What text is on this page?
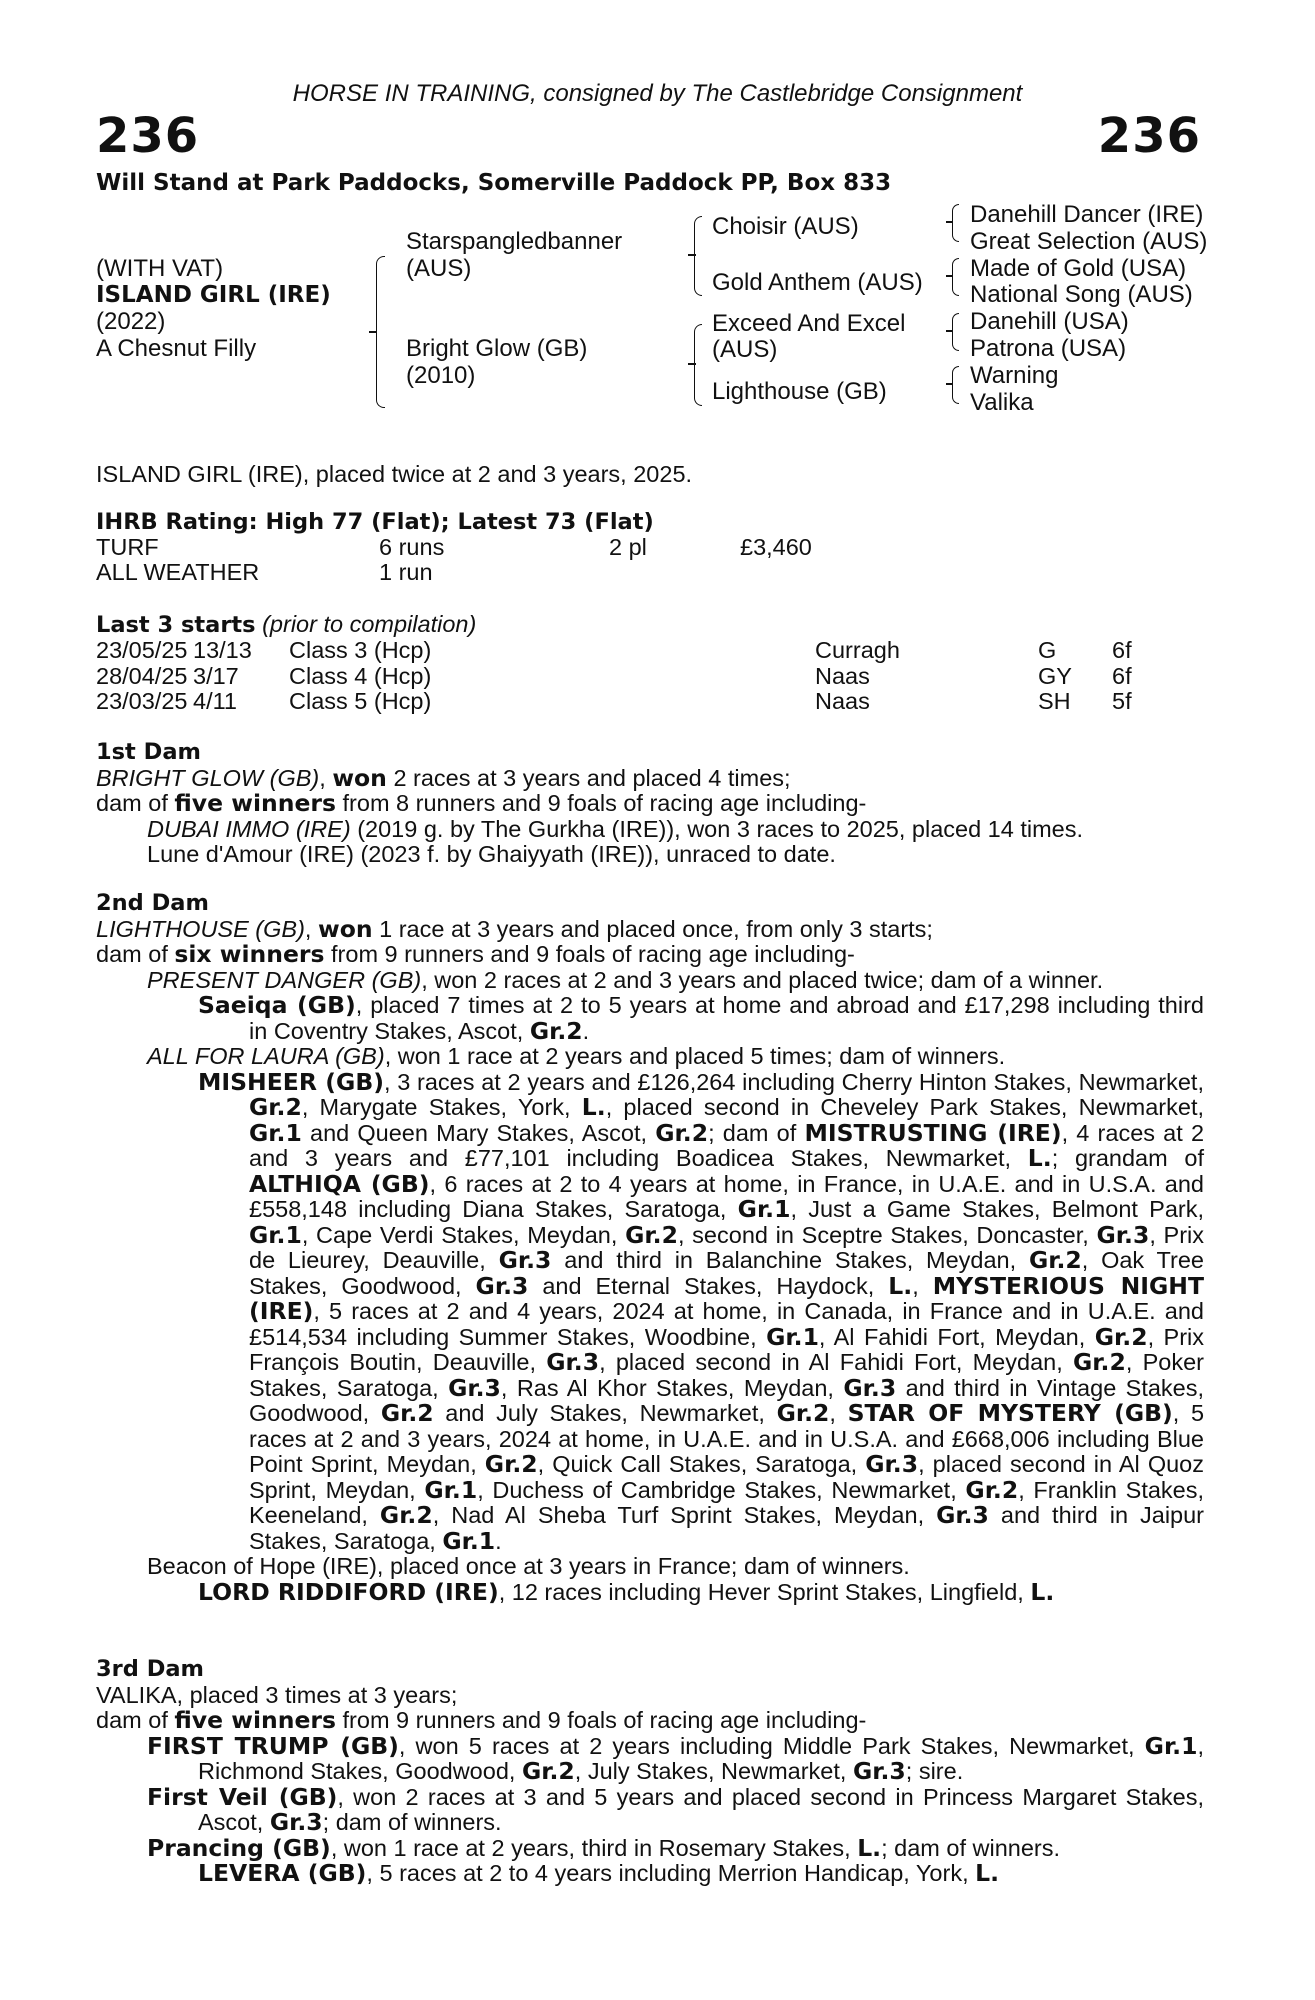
HORSE IN TRAINING, consigned by The Castlebridge Consignment
236	236
Will Stand at Park Paddocks, Somerville Paddock PP, Box 833
(WITH VAT)
ISLAND GIRL (IRE)
(2022)
A Chesnut Filly
Starspangledbanner
(AUS)
Bright Glow (GB)
(2010)
Choisir (AUS)
Gold Anthem (AUS)
Exceed And Excel
(AUS)
Lighthouse (GB)
Danehill Dancer (IRE)
Great Selection (AUS)
Made of Gold (USA)
National Song (AUS)
Danehill (USA)
Patrona (USA)
Warning
Valika
ISLAND GIRL (IRE), placed twice at 2 and 3 years, 2025.
IHRB Rating: High 77 (Flat); Latest 73 (Flat)
TURF	6 runs	2 pl	£3,460
ALL WEATHER	1 run
Last 3 starts (prior to compilation)
23/05/25 13/13 Class 3 (Hcp)	Curragh	G 6f
28/04/25 3/17 Class 4 (Hcp)	Naas	GY 6f
23/03/25 4/11 Class 5 (Hcp)	Naas	SH 5f
1st Dam
BRIGHT GLOW (GB), won 2 races at 3 years and placed 4 times;
dam of five winners from 8 runners and 9 foals of racing age including-
DUBAI IMMO (IRE) (2019 g. by The Gurkha (IRE)), won 3 races to 2025, placed 14 times.
Lune d'Amour (IRE) (2023 f. by Ghaiyyath (IRE)), unraced to date.
2nd Dam
LIGHTHOUSE (GB), won 1 race at 3 years and placed once, from only 3 starts;
dam of six winners from 9 runners and 9 foals of racing age including-
PRESENT DANGER (GB), won 2 races at 2 and 3 years and placed twice; dam of a winner.
Saeiqa (GB), placed 7 times at 2 to 5 years at home and abroad and £17,298 including third in Coventry Stakes, Ascot, Gr.2.
ALL FOR LAURA (GB), won 1 race at 2 years and placed 5 times; dam of winners.
MISHEER (GB), 3 races at 2 years and £126,264 including Cherry Hinton Stakes, Newmarket, Gr.2, Marygate Stakes, York, L., placed second in Cheveley Park Stakes, Newmarket, Gr.1 and Queen Mary Stakes, Ascot, Gr.2; dam of MISTRUSTING (IRE), 4 races at 2 and 3 years and £77,101 including Boadicea Stakes, Newmarket, L.; grandam of ALTHIQA (GB), 6 races at 2 to 4 years at home, in France, in U.A.E. and in U.S.A. and £558,148 including Diana Stakes, Saratoga, Gr.1, Just a Game Stakes, Belmont Park, Gr.1, Cape Verdi Stakes, Meydan, Gr.2, second in Sceptre Stakes, Doncaster, Gr.3, Prix de Lieurey, Deauville, Gr.3 and third in Balanchine Stakes, Meydan, Gr.2, Oak Tree Stakes, Goodwood, Gr.3 and Eternal Stakes, Haydock, L., MYSTERIOUS NIGHT (IRE), 5 races at 2 and 4 years, 2024 at home, in Canada, in France and in U.A.E. and £514,534 including Summer Stakes, Woodbine, Gr.1, Al Fahidi Fort, Meydan, Gr.2, Prix François Boutin, Deauville, Gr.3, placed second in Al Fahidi Fort, Meydan, Gr.2, Poker Stakes, Saratoga, Gr.3, Ras Al Khor Stakes, Meydan, Gr.3 and third in Vintage Stakes, Goodwood, Gr.2 and July Stakes, Newmarket, Gr.2, STAR OF MYSTERY (GB), 5 races at 2 and 3 years, 2024 at home, in U.A.E. and in U.S.A. and £668,006 including Blue Point Sprint, Meydan, Gr.2, Quick Call Stakes, Saratoga, Gr.3, placed second in Al Quoz Sprint, Meydan, Gr.1, Duchess of Cambridge Stakes, Newmarket, Gr.2, Franklin Stakes, Keeneland, Gr.2, Nad Al Sheba Turf Sprint Stakes, Meydan, Gr.3 and third in Jaipur Stakes, Saratoga, Gr.1.
Beacon of Hope (IRE), placed once at 3 years in France; dam of winners.
LORD RIDDIFORD (IRE), 12 races including Hever Sprint Stakes, Lingfield, L.
3rd Dam
VALIKA, placed 3 times at 3 years;
dam of five winners from 9 runners and 9 foals of racing age including-
FIRST TRUMP (GB), won 5 races at 2 years including Middle Park Stakes, Newmarket, Gr.1, Richmond Stakes, Goodwood, Gr.2, July Stakes, Newmarket, Gr.3; sire.
First Veil (GB), won 2 races at 3 and 5 years and placed second in Princess Margaret Stakes, Ascot, Gr.3; dam of winners.
Prancing (GB), won 1 race at 2 years, third in Rosemary Stakes, L.; dam of winners.
LEVERA (GB), 5 races at 2 to 4 years including Merrion Handicap, York, L.
